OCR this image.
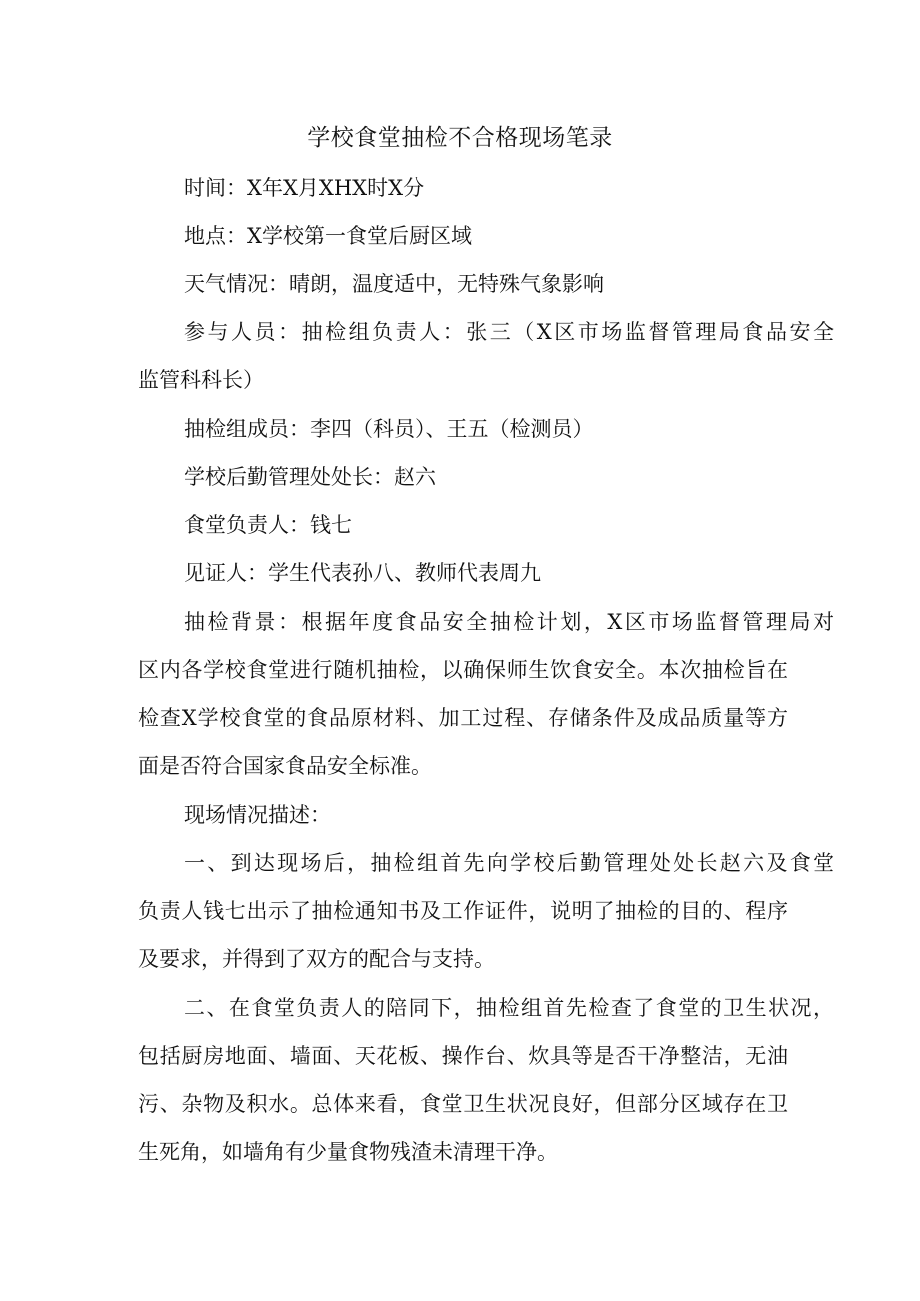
学校食堂抽检不合格现场笔录

时间：X年X月XHX时X分

地点：X学校第一食堂后厨区域

天气情况：晴朗，温度适中，无特殊气象影响

参与人员：抽检组负责人：张三（X区市场监督管理局食品安全

监管科科长）

抽检组成员：李四（科员）、王五（检测员）

学校后勤管理处处长：赵六

食堂负责人：钱七

见证人：学生代表孙八、教师代表周九

抽检背景：根据年度食品安全抽检计划，X区市场监督管理局对

区内各学校食堂进行随机抽检，以确保师生饮食安全。本次抽检旨在

检查X学校食堂的食品原材料、加工过程、存储条件及成品质量等方

面是否符合国家食品安全标准。

现场情况描述：

一、到达现场后，抽检组首先向学校后勤管理处处长赵六及食堂

负责人钱七出示了抽检通知书及工作证件，说明了抽检的目的、程序

及要求，并得到了双方的配合与支持。

二、在食堂负责人的陪同下，抽检组首先检查了食堂的卫生状况，

包括厨房地面、墙面、天花板、操作台、炊具等是否干净整洁，无油

污、杂物及积水。总体来看，食堂卫生状况良好，但部分区域存在卫

生死角，如墙角有少量食物残渣未清理干净。
